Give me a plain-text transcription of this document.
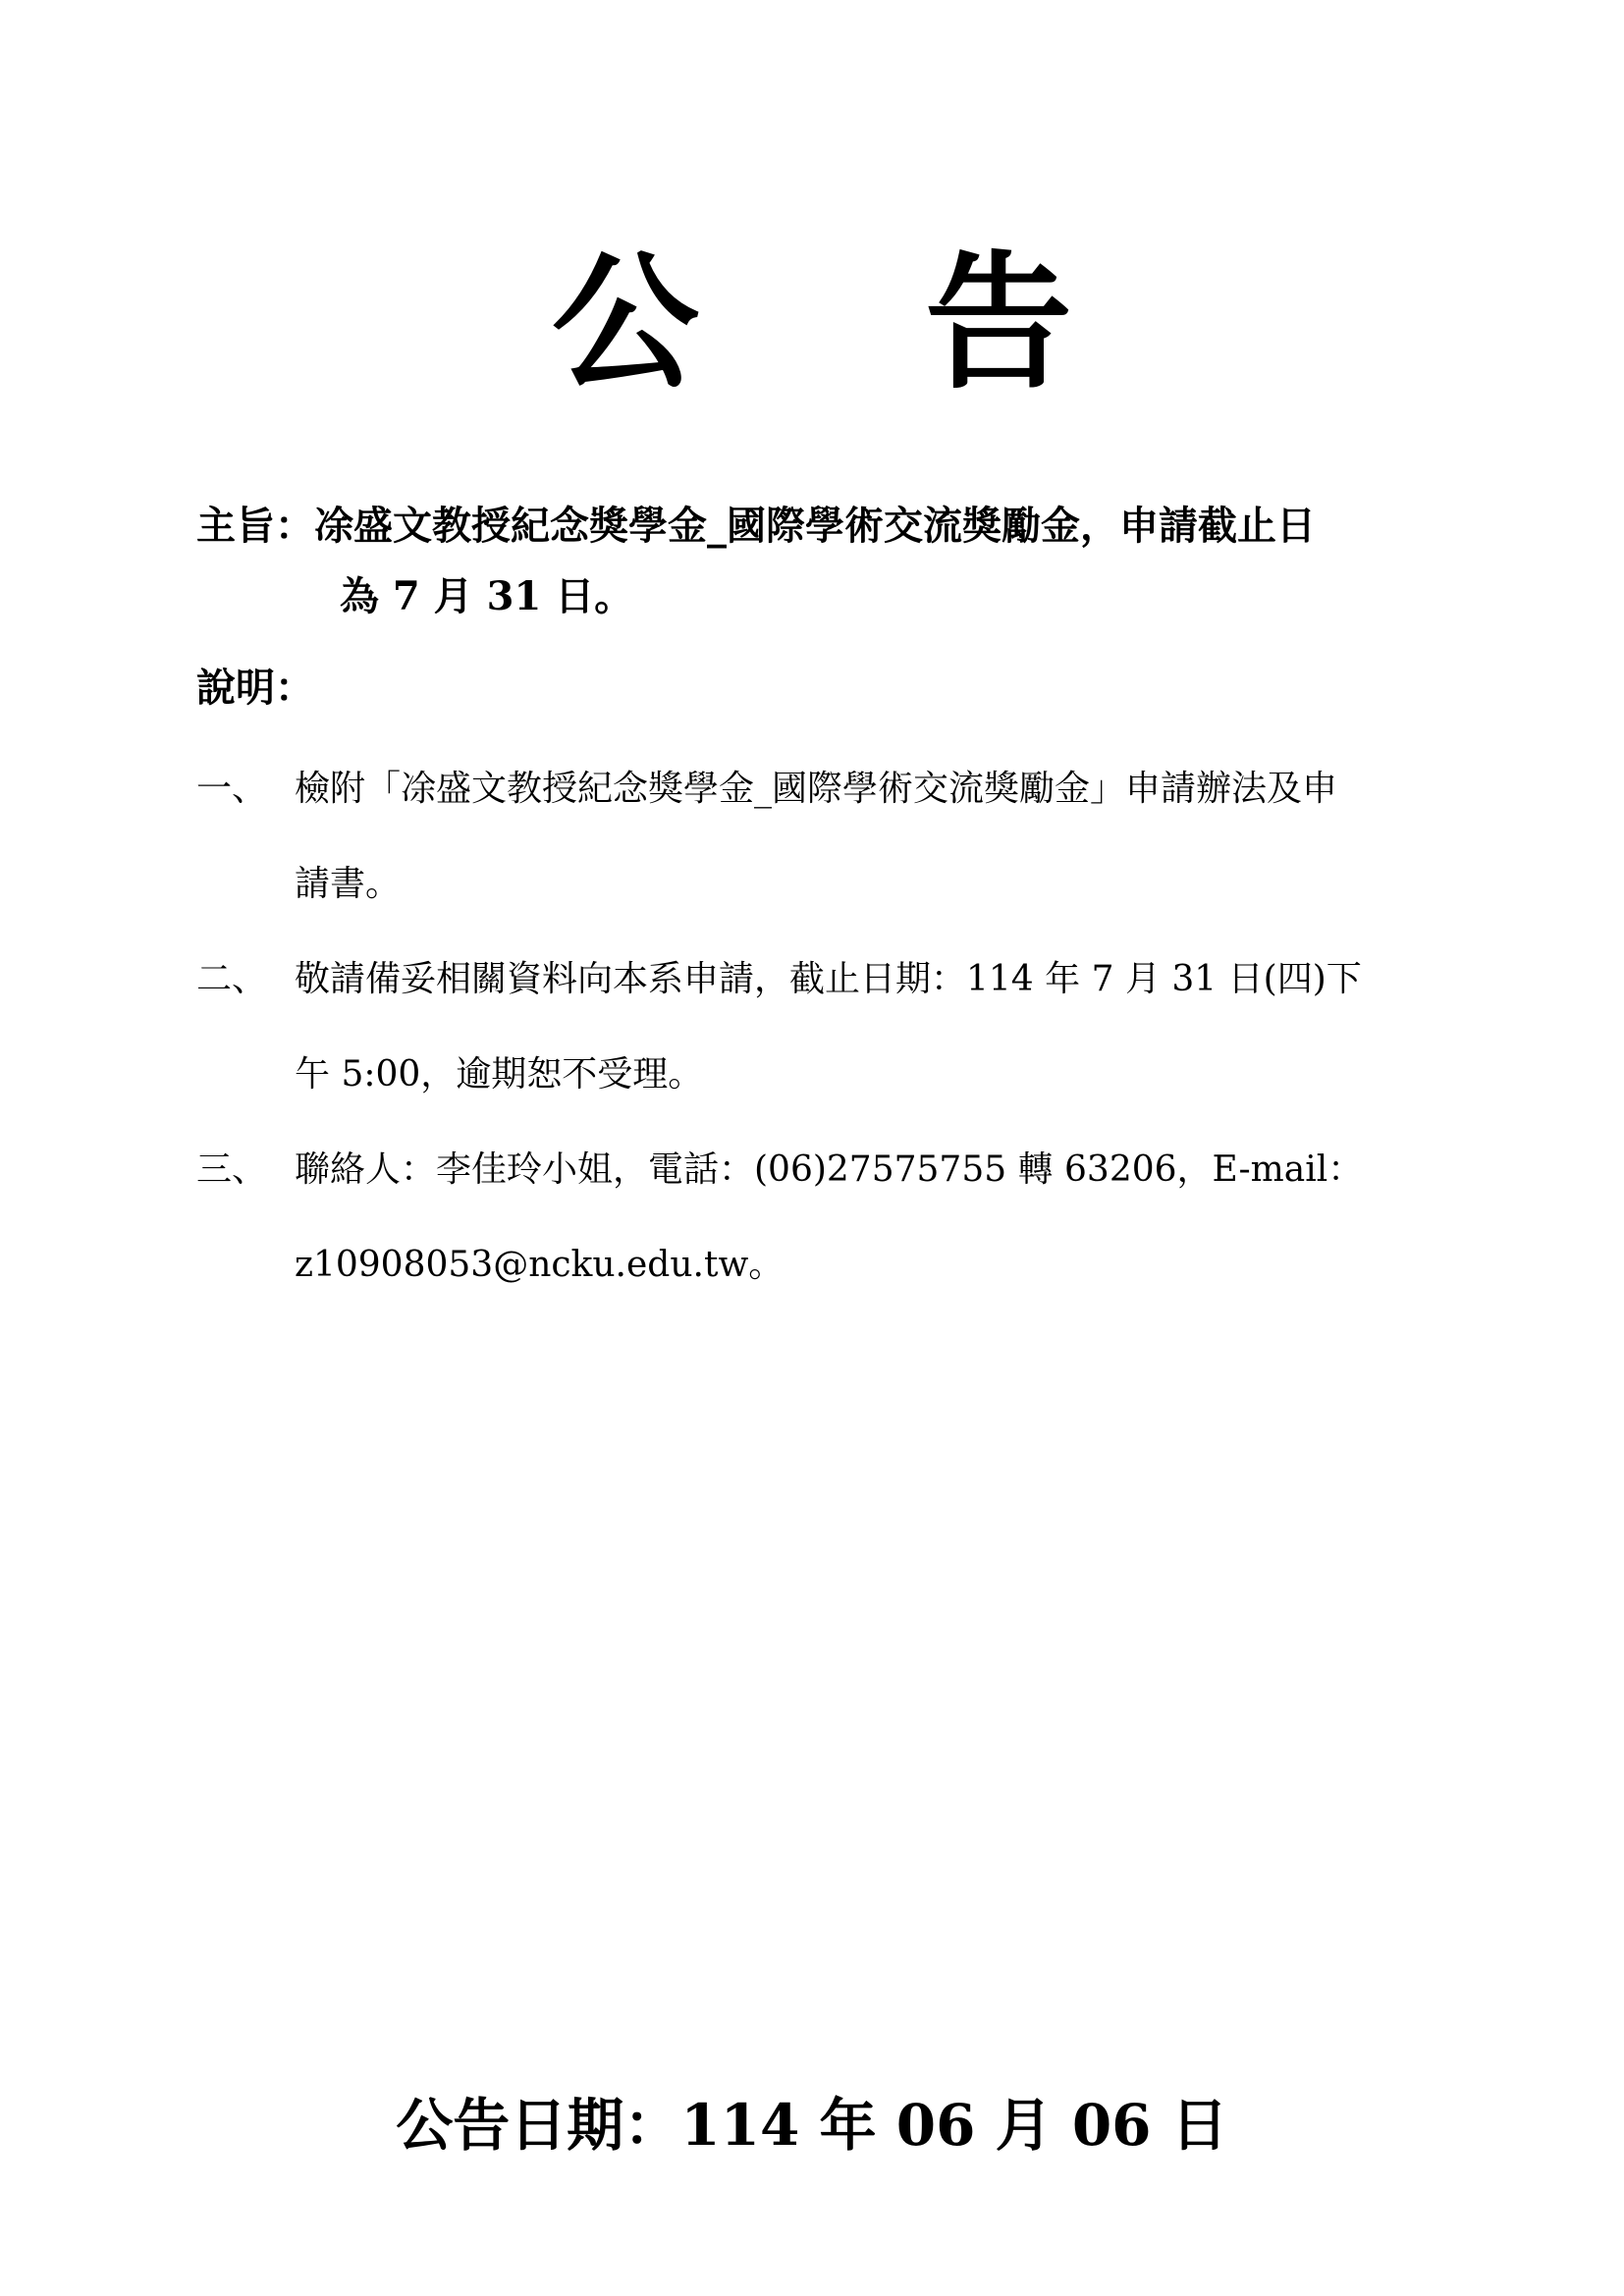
公 告
主旨：凃盛文教授紀念獎學金_國際學術交流獎勵金，申請截止日
為 7 月 31 日。
說明：
一、 檢附「凃盛文教授紀念獎學金_國際學術交流獎勵金」申請辦法及申
請書。
二、 敬請備妥相關資料向本系申請，截止日期：114 年 7 月 31 日(四)下
午 5:00，逾期恕不受理。
三、 聯絡人：李佳玲小姐，電話：(06)27575755 轉 63206，E-mail：
z10908053@ncku.edu.tw。
公告日期：114 年 06 月 06 日
